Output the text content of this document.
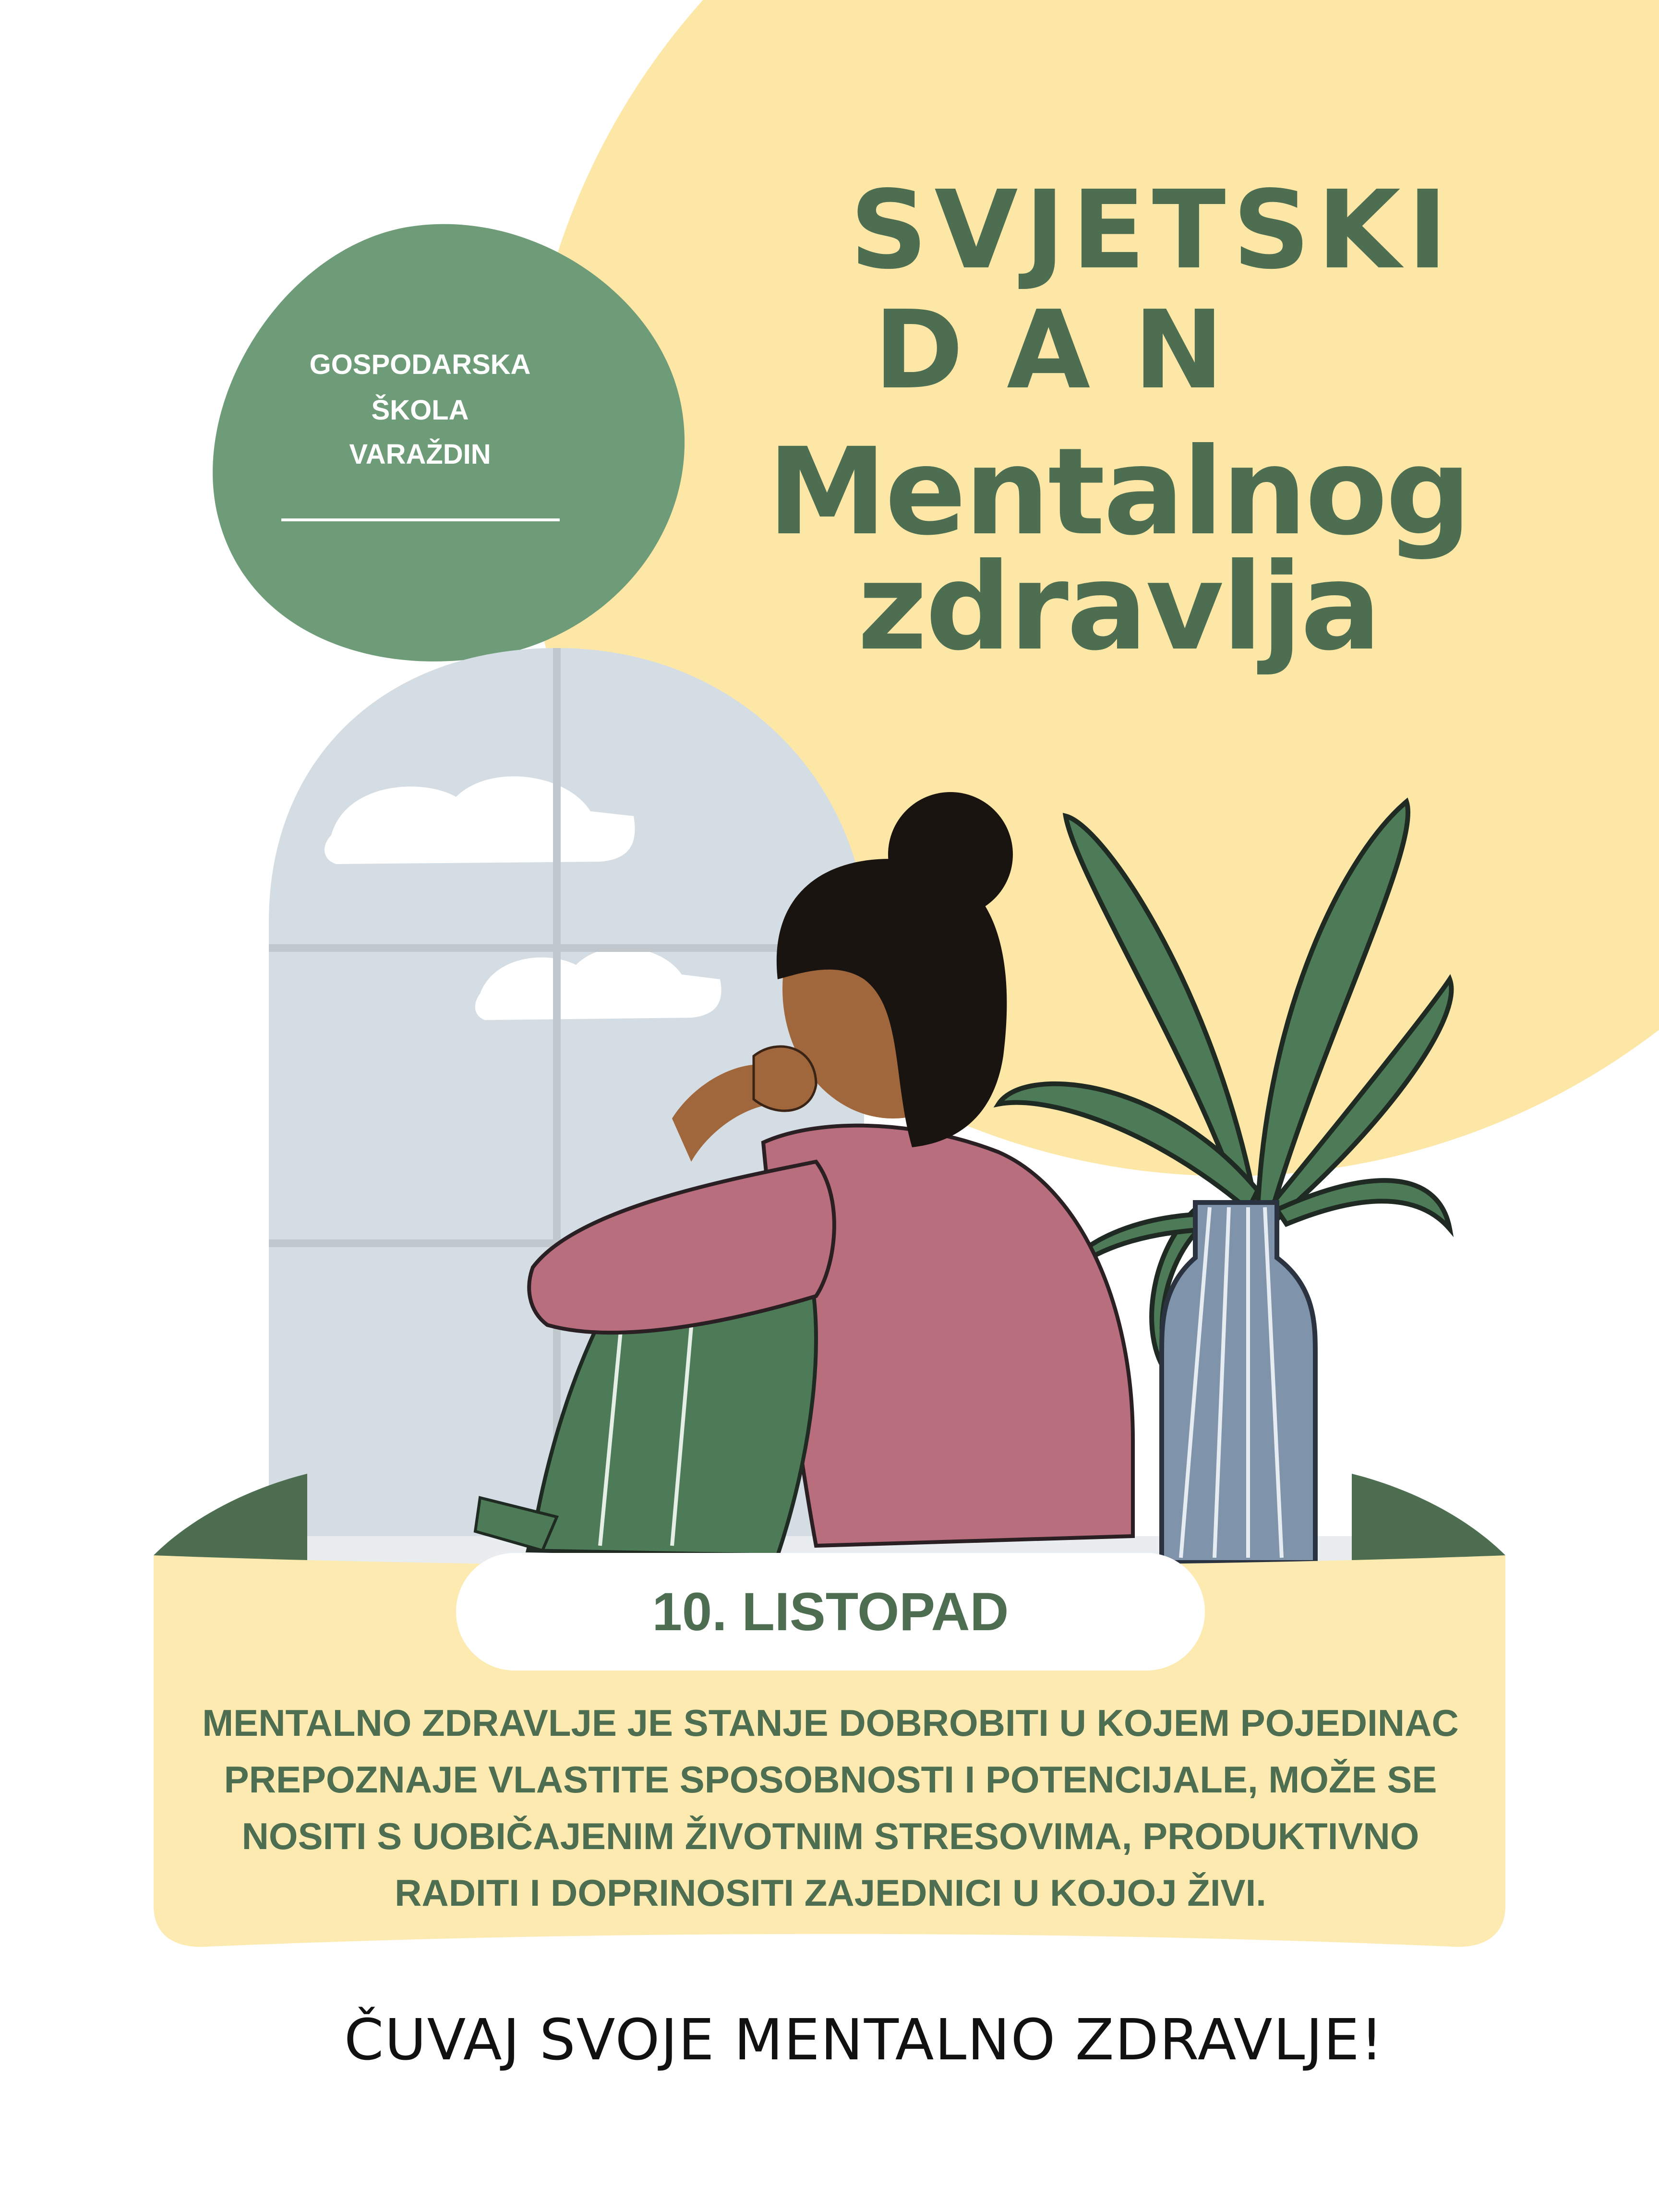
GOSPODARSKA
ŠKOLA
VARAŽDIN
SVJETSKI
DAN
Mentalnog
zdravlja
10. LISTOPAD
MENTALNO ZDRAVLJE JE STANJE DOBROBITI U KOJEM POJEDINAC
PREPOZNAJE VLASTITE SPOSOBNOSTI I POTENCIJALE, MOŽE SE
NOSITI S UOBIČAJENIM ŽIVOTNIM STRESOVIMA, PRODUKTIVNO
RADITI I DOPRINOSITI ZAJEDNICI U KOJOJ ŽIVI.
ČUVAJ SVOJE MENTALNO ZDRAVLJE!
